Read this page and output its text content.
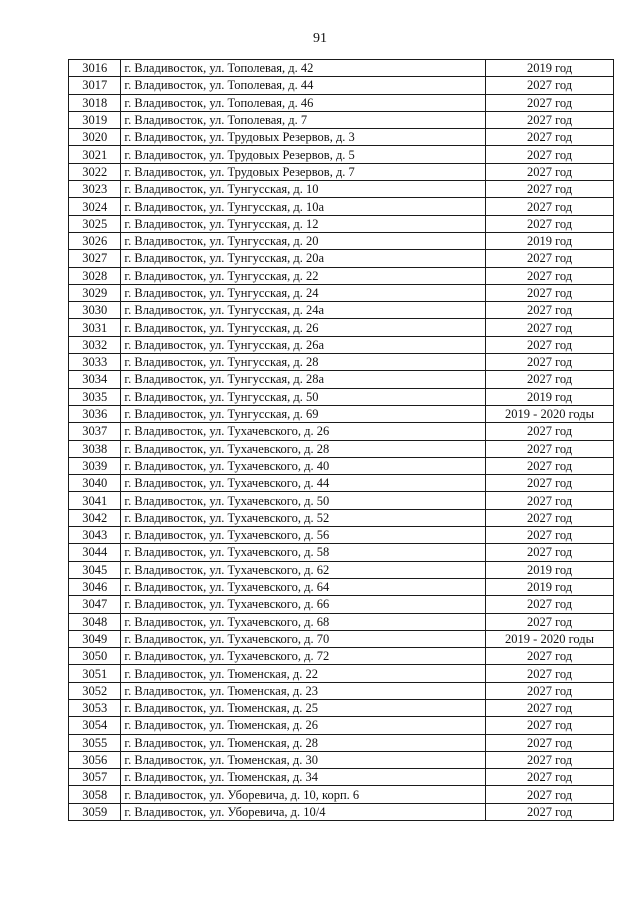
91
3016	г. Владивосток, ул. Тополевая, д. 42	2019 год
3017	г. Владивосток, ул. Тополевая, д. 44	2027 год
3018	г. Владивосток, ул. Тополевая, д. 46	2027 год
3019	г. Владивосток, ул. Тополевая, д. 7	2027 год
3020	г. Владивосток, ул. Трудовых Резервов, д. 3	2027 год
3021	г. Владивосток, ул. Трудовых Резервов, д. 5	2027 год
3022	г. Владивосток, ул. Трудовых Резервов, д. 7	2027 год
3023	г. Владивосток, ул. Тунгусская, д. 10	2027 год
3024	г. Владивосток, ул. Тунгусская, д. 10а	2027 год
3025	г. Владивосток, ул. Тунгусская, д. 12	2027 год
3026	г. Владивосток, ул. Тунгусская, д. 20	2019 год
3027	г. Владивосток, ул. Тунгусская, д. 20а	2027 год
3028	г. Владивосток, ул. Тунгусская, д. 22	2027 год
3029	г. Владивосток, ул. Тунгусская, д. 24	2027 год
3030	г. Владивосток, ул. Тунгусская, д. 24а	2027 год
3031	г. Владивосток, ул. Тунгусская, д. 26	2027 год
3032	г. Владивосток, ул. Тунгусская, д. 26а	2027 год
3033	г. Владивосток, ул. Тунгусская, д. 28	2027 год
3034	г. Владивосток, ул. Тунгусская, д. 28а	2027 год
3035	г. Владивосток, ул. Тунгусская, д. 50	2019 год
3036	г. Владивосток, ул. Тунгусская, д. 69	2019 - 2020 годы
3037	г. Владивосток, ул. Тухачевского, д. 26	2027 год
3038	г. Владивосток, ул. Тухачевского, д. 28	2027 год
3039	г. Владивосток, ул. Тухачевского, д. 40	2027 год
3040	г. Владивосток, ул. Тухачевского, д. 44	2027 год
3041	г. Владивосток, ул. Тухачевского, д. 50	2027 год
3042	г. Владивосток, ул. Тухачевского, д. 52	2027 год
3043	г. Владивосток, ул. Тухачевского, д. 56	2027 год
3044	г. Владивосток, ул. Тухачевского, д. 58	2027 год
3045	г. Владивосток, ул. Тухачевского, д. 62	2019 год
3046	г. Владивосток, ул. Тухачевского, д. 64	2019 год
3047	г. Владивосток, ул. Тухачевского, д. 66	2027 год
3048	г. Владивосток, ул. Тухачевского, д. 68	2027 год
3049	г. Владивосток, ул. Тухачевского, д. 70	2019 - 2020 годы
3050	г. Владивосток, ул. Тухачевского, д. 72	2027 год
3051	г. Владивосток, ул. Тюменская, д. 22	2027 год
3052	г. Владивосток, ул. Тюменская, д. 23	2027 год
3053	г. Владивосток, ул. Тюменская, д. 25	2027 год
3054	г. Владивосток, ул. Тюменская, д. 26	2027 год
3055	г. Владивосток, ул. Тюменская, д. 28	2027 год
3056	г. Владивосток, ул. Тюменская, д. 30	2027 год
3057	г. Владивосток, ул. Тюменская, д. 34	2027 год
3058	г. Владивосток, ул. Уборевича, д. 10, корп. 6	2027 год
3059	г. Владивосток, ул. Уборевича, д. 10/4	2027 год
